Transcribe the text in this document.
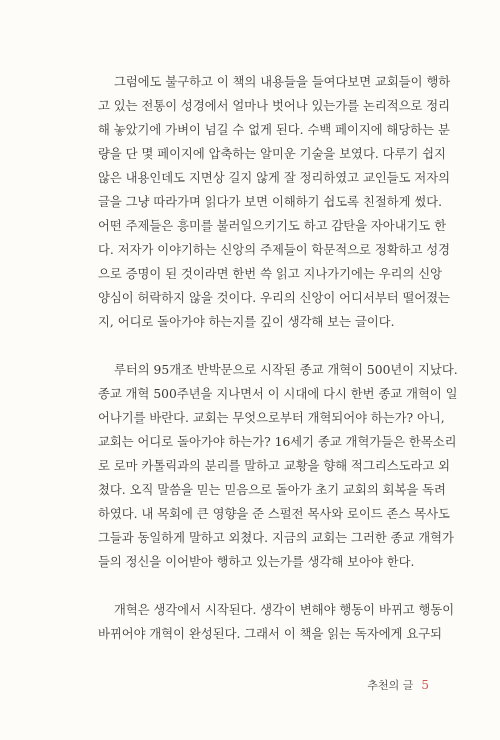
그럼에도 불구하고 이 책의 내용들을 들여다보면 교회들이 행하
고 있는 전통이 성경에서 얼마나 벗어나 있는가를 논리적으로 정리
해 놓았기에 가벼이 넘길 수 없게 된다. 수백 페이지에 해당하는 분
량을 단 몇 페이지에 압축하는 알미운 기술을 보였다. 다루기 쉽지
않은 내용인데도 지면상 길지 않게 잘 정리하였고 교인들도 저자의
글을 그냥 따라가며 읽다가 보면 이해하기 쉽도록 친절하게 썼다.
어떤 주제들은 흥미를 불러일으키기도 하고 감탄을 자아내기도 한
다. 저자가 이야기하는 신앙의 주제들이 학문적으로 정확하고 성경
으로 증명이 된 것이라면 한번 쓱 읽고 지나가기에는 우리의 신앙
양심이 허락하지 않을 것이다. 우리의 신앙이 어디서부터 떨어졌는
지, 어디로 돌아가야 하는지를 깊이 생각해 보는 글이다.
루터의 95개조 반박문으로 시작된 종교 개혁이 500년이 지났다.
종교 개혁 500주년을 지나면서 이 시대에 다시 한번 종교 개혁이 일
어나기를 바란다. 교회는 무엇으로부터 개혁되어야 하는가? 아니,
교회는 어디로 돌아가야 하는가? 16세기 종교 개혁가들은 한목소리
로 로마 카톨릭과의 분리를 말하고 교황을 향해 적그리스도라고 외
쳤다. 오직 말씀을 믿는 믿음으로 돌아가 초기 교회의 회복을 독려
하였다. 내 목회에 큰 영향을 준 스펄전 목사와 로이드 존스 목사도
그들과 동일하게 말하고 외쳤다. 지금의 교회는 그러한 종교 개혁가
들의 정신을 이어받아 행하고 있는가를 생각해 보아야 한다.
개혁은 생각에서 시작된다. 생각이 변해야 행동이 바뀌고 행동이
바뀌어야 개혁이 완성된다. 그래서 이 책을 읽는 독자에게 요구되
추천의 글 5
